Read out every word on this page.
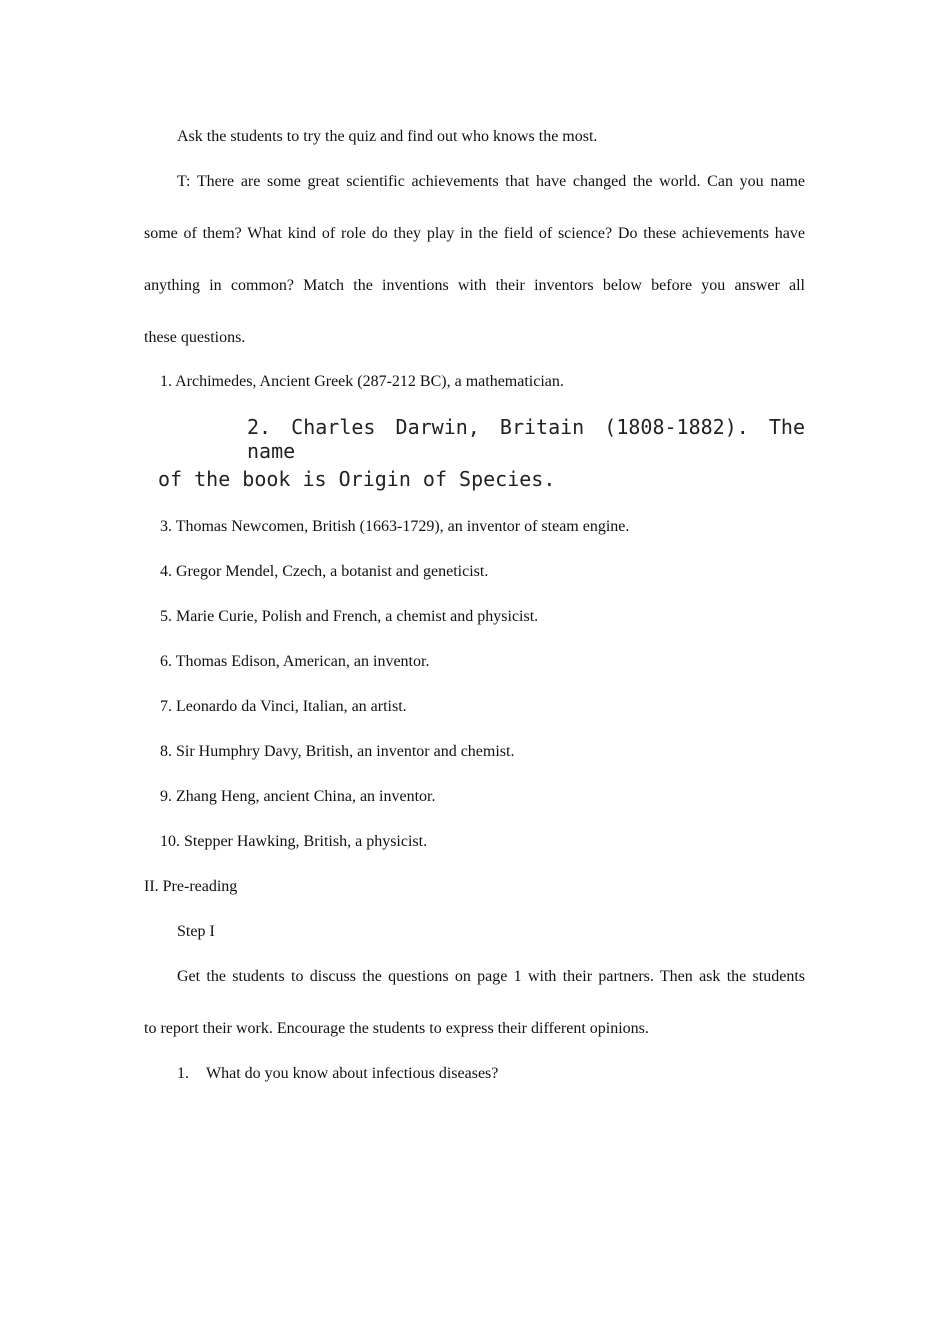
Ask the students to try the quiz and find out who knows the most.
T: There are some great scientific achievements that have changed the world. Can you name
some of them? What kind of role do they play in the field of science? Do these achievements have
anything in common? Match the inventions with their inventors below before you answer all
these questions.
1. Archimedes, Ancient Greek (287-212 BC), a mathematician.
2. Charles Darwin, Britain (1808-1882). The name
of the book is Origin of Species.
3. Thomas Newcomen, British (1663-1729), an inventor of steam engine.
4. Gregor Mendel, Czech, a botanist and geneticist.
5. Marie Curie, Polish and French, a chemist and physicist.
6. Thomas Edison, American, an inventor.
7. Leonardo da Vinci, Italian, an artist.
8. Sir Humphry Davy, British, an inventor and chemist.
9. Zhang Heng, ancient China, an inventor.
10. Stepper Hawking, British, a physicist.
II. Pre-reading
Step I
Get the students to discuss the questions on page 1 with their partners. Then ask the students
to report their work. Encourage the students to express their different opinions.
1. What do you know about infectious diseases?
